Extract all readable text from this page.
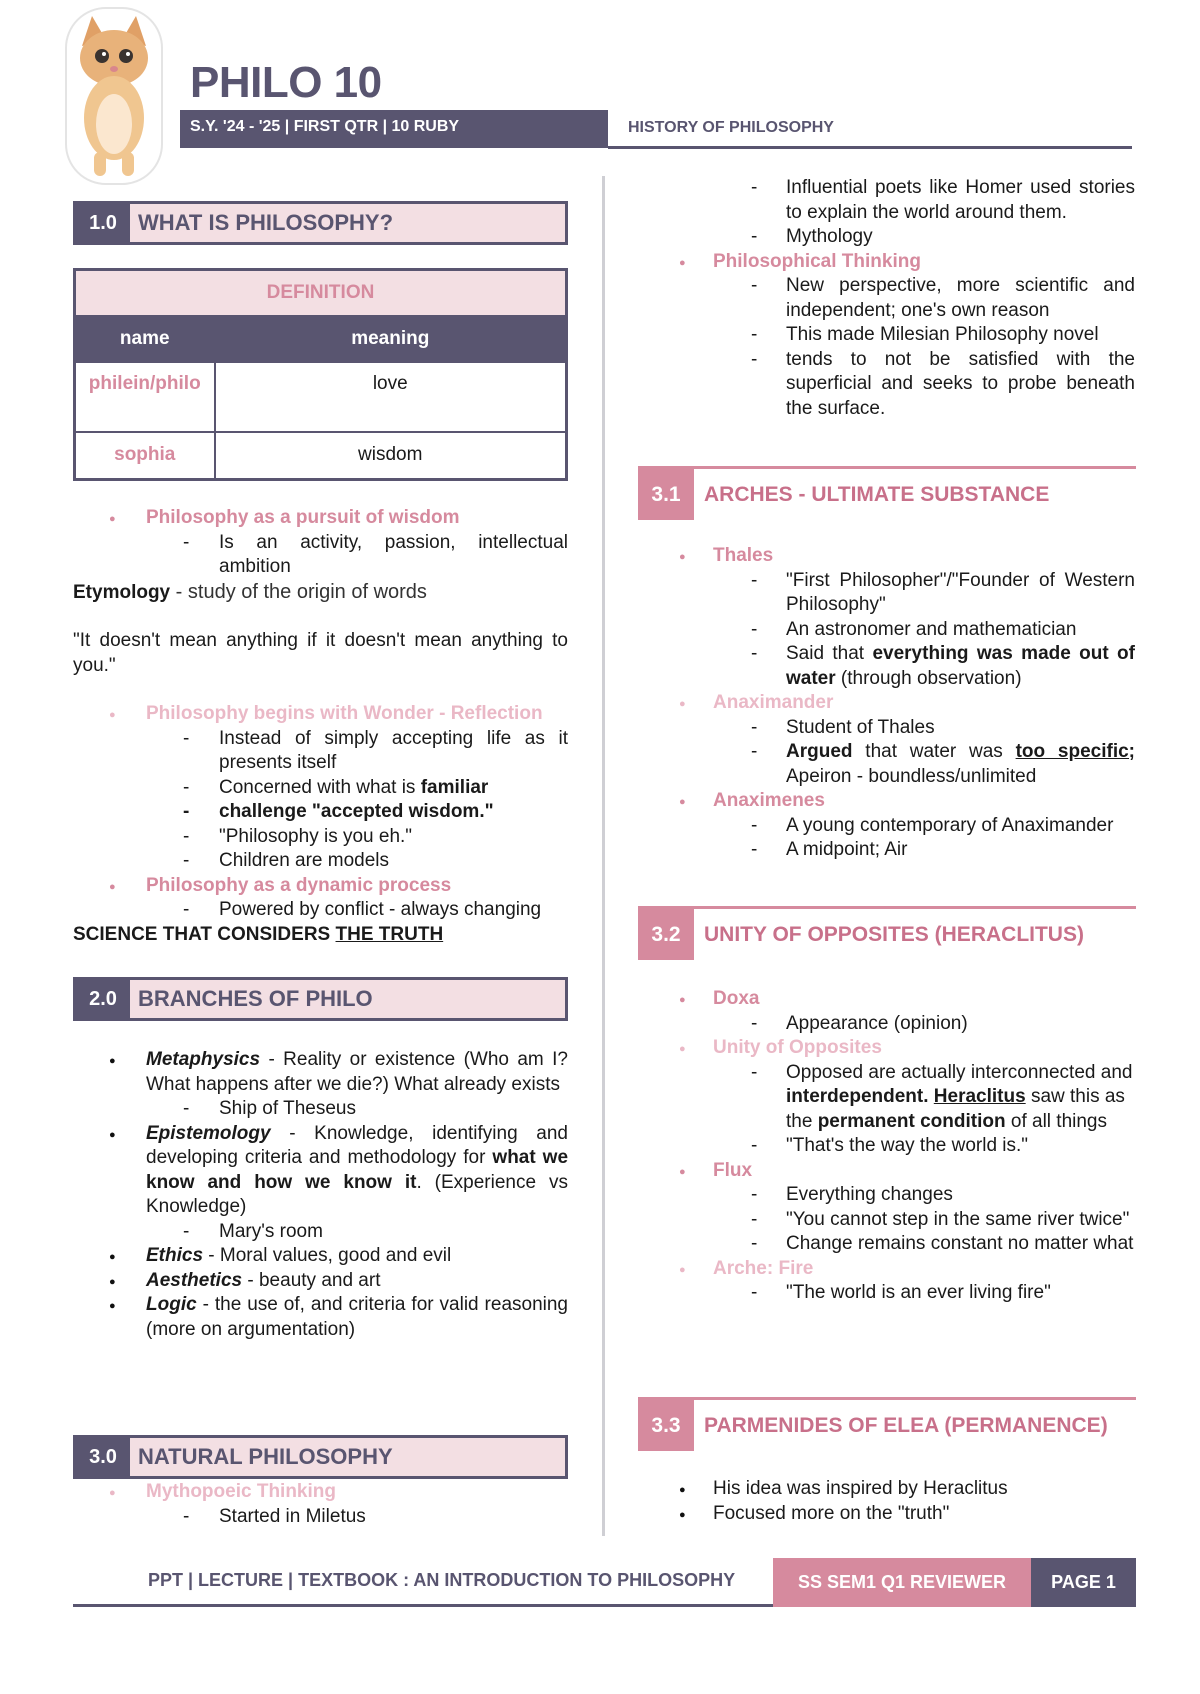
PHILO 10
S.Y. '24 - '25 | FIRST QTR | 10 RUBY	HISTORY OF PHILOSOPHY
1.0 WHAT IS PHILOSOPHY?
DEFINITION	
name	meaning
philein/philo	love
sophia	wisdom
● Philosophy as a pursuit of wisdom
- Is an activity, passion, intellectual ambition
Etymology - study of the origin of words
"It doesn't mean anything if it doesn't mean anything to you."
● Philosophy begins with Wonder - Reflection
- Instead of simply accepting life as it presents itself
- Concerned with what is familiar
- challenge "accepted wisdom."
- "Philosophy is you eh."
- Children are models
● Philosophy as a dynamic process
- Powered by conflict - always changing
SCIENCE THAT CONSIDERS THE TRUTH
2.0 BRANCHES OF PHILO
● Metaphysics - Reality or existence (Who am I? What happens after we die?) What already exists
- Ship of Theseus
● Epistemology - Knowledge, identifying and developing criteria and methodology for what we know and how we know it. (Experience vs Knowledge)
- Mary's room
● Ethics - Moral values, good and evil
● Aesthetics - beauty and art
● Logic - the use of, and criteria for valid reasoning (more on argumentation)
3.0 NATURAL PHILOSOPHY
● Mythopoeic Thinking
- Started in Miletus
- Influential poets like Homer used stories to explain the world around them.
- Mythology
● Philosophical Thinking
- New perspective, more scientific and independent; one's own reason
- This made Milesian Philosophy novel
- tends to not be satisfied with the superficial and seeks to probe beneath the surface.
3.1	ARCHES - ULTIMATE SUBSTANCE
● Thales
- "First Philosopher"/"Founder of Western Philosophy"
- An astronomer and mathematician
- Said that everything was made out of water (through observation)
● Anaximander
- Student of Thales
- Argued that water was too specific; Apeiron - boundless/unlimited
● Anaximenes
- A young contemporary of Anaximander
- A midpoint; Air
3.2	UNITY OF OPPOSITES (HERACLITUS)
● Doxa
- Appearance (opinion)
● Unity of Opposites
- Opposed are actually interconnected and interdependent. Heraclitus saw this as the permanent condition of all things
- "That's the way the world is."
● Flux
- Everything changes
- "You cannot step in the same river twice"
- Change remains constant no matter what
● Arche: Fire
- "The world is an ever living fire"
3.3	PARMENIDES OF ELEA (PERMANENCE)
● His idea was inspired by Heraclitus
● Focused more on the "truth"
PPT | LECTURE | TEXTBOOK : AN INTRODUCTION TO PHILOSOPHY	SS SEM1 Q1 REVIEWER	PAGE 1
